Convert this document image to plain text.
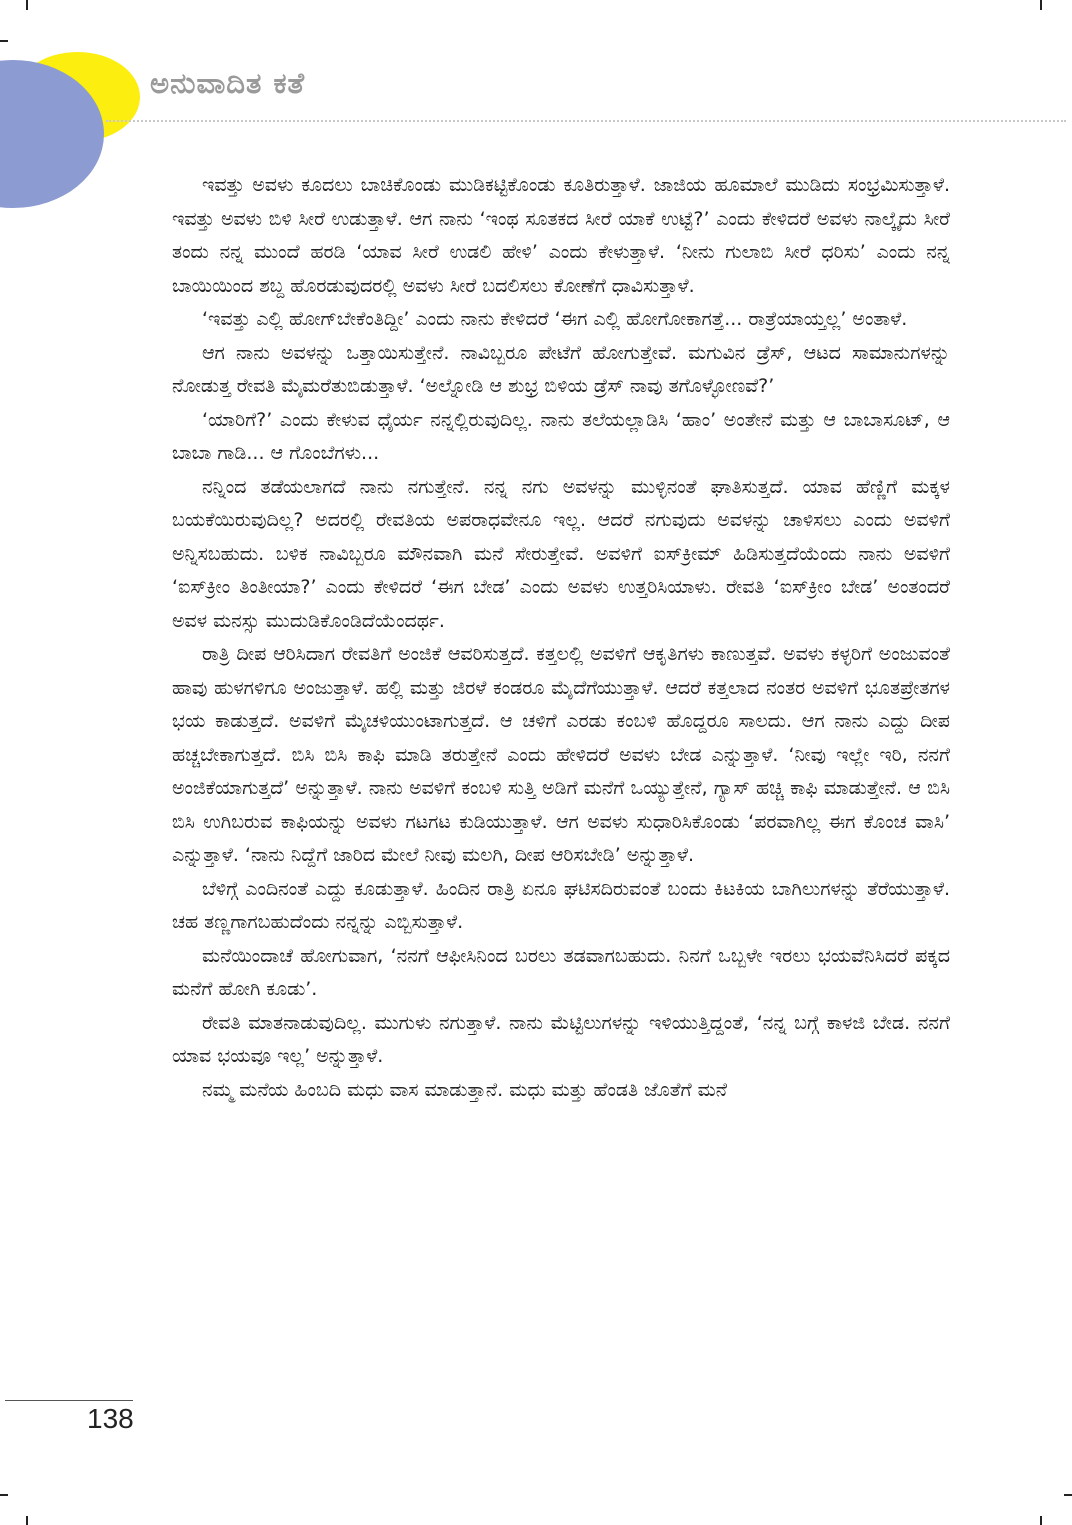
ಅನುವಾದಿತ ಕತೆ

ಇವತ್ತು ಅವಳು ಕೂದಲು ಬಾಚಿಕೊಂಡು ಮುಡಿಕಟ್ಟಿಕೊಂಡು ಕೂತಿರುತ್ತಾಳೆ. ಜಾಜಿಯ ಹೂಮಾಲೆ ಮುಡಿದು ಸಂಭ್ರಮಿಸುತ್ತಾಳೆ. ಇವತ್ತು ಅವಳು ಬಿಳಿ ಸೀರೆ ಉಡುತ್ತಾಳೆ. ಆಗ ನಾನು ‘ಇಂಥ ಸೂತಕದ ಸೀರೆ ಯಾಕೆ ಉಟ್ಟೆ?’ ಎಂದು ಕೇಳಿದರೆ ಅವಳು ನಾಲ್ಕೈದು ಸೀರೆ ತಂದು ನನ್ನ ಮುಂದೆ ಹರಡಿ ‘ಯಾವ ಸೀರೆ ಉಡಲಿ ಹೇಳಿ’ ಎಂದು ಕೇಳುತ್ತಾಳೆ. ‘ನೀನು ಗುಲಾಬಿ ಸೀರೆ ಧರಿಸು’ ಎಂದು ನನ್ನ ಬಾಯಿಯಿಂದ ಶಬ್ದ ಹೊರಡುವುದರಲ್ಲಿ ಅವಳು ಸೀರೆ ಬದಲಿಸಲು ಕೋಣೆಗೆ ಧಾವಿಸುತ್ತಾಳೆ.

‘ಇವತ್ತು ಎಲ್ಲಿ ಹೋಗ್‌ಬೇಕೆಂತಿದ್ದೀ’ ಎಂದು ನಾನು ಕೇಳಿದರೆ ‘ಈಗ ಎಲ್ಲಿ ಹೋಗೋಕಾಗತ್ತೆ... ರಾತ್ರೆಯಾಯ್ತಲ್ಲ’ ಅಂತಾಳೆ.

ಆಗ ನಾನು ಅವಳನ್ನು ಒತ್ತಾಯಿಸುತ್ತೇನೆ. ನಾವಿಬ್ಬರೂ ಪೇಟೆಗೆ ಹೋಗುತ್ತೇವೆ. ಮಗುವಿನ ಡ್ರೆಸ್, ಆಟದ ಸಾಮಾನುಗಳನ್ನು ನೋಡುತ್ತ ರೇವತಿ ಮೈಮರೆತುಬಿಡುತ್ತಾಳೆ. ‘ಅಲ್ನೋಡಿ ಆ ಶುಭ್ರ ಬಿಳಿಯ ಡ್ರೆಸ್ ನಾವು ತಗೊಳ್ಳೋಣವೆ?’

‘ಯಾರಿಗೆ?’ ಎಂದು ಕೇಳುವ ಧೈರ್ಯ ನನ್ನಲ್ಲಿರುವುದಿಲ್ಲ. ನಾನು ತಲೆಯಲ್ಲಾಡಿಸಿ ‘ಹಾಂ’ ಅಂತೇನೆ ಮತ್ತು ಆ ಬಾಬಾಸೂಟ್, ಆ ಬಾಬಾ ಗಾಡಿ... ಆ ಗೊಂಬೆಗಳು...

ನನ್ನಿಂದ ತಡೆಯಲಾಗದೆ ನಾನು ನಗುತ್ತೇನೆ. ನನ್ನ ನಗು ಅವಳನ್ನು ಮುಳ್ಳಿನಂತೆ ಘಾತಿಸುತ್ತದೆ. ಯಾವ ಹೆಣ್ಣಿಗೆ ಮಕ್ಕಳ ಬಯಕೆಯಿರುವುದಿಲ್ಲ? ಅದರಲ್ಲಿ ರೇವತಿಯ ಅಪರಾಧವೇನೂ ಇಲ್ಲ. ಆದರೆ ನಗುವುದು ಅವಳನ್ನು ಚಾಳಿಸಲು ಎಂದು ಅವಳಿಗೆ ಅನ್ನಿಸಬಹುದು. ಬಳಿಕ ನಾವಿಬ್ಬರೂ ಮೌನವಾಗಿ ಮನೆ ಸೇರುತ್ತೇವೆ. ಅವಳಿಗೆ ಐಸ್‌ಕ್ರೀಮ್ ಹಿಡಿಸುತ್ತದೆಯೆಂದು ನಾನು ಅವಳಿಗೆ ‘ಐಸ್‌ಕ್ರೀಂ ತಿಂತೀಯಾ?’ ಎಂದು ಕೇಳಿದರೆ ‘ಈಗ ಬೇಡ’ ಎಂದು ಅವಳು ಉತ್ತರಿಸಿಯಾಳು. ರೇವತಿ ‘ಐಸ್‌ಕ್ರೀಂ ಬೇಡ’ ಅಂತಂದರೆ ಅವಳ ಮನಸ್ಸು ಮುದುಡಿಕೊಂಡಿದೆಯೆಂದರ್ಥ.

ರಾತ್ರಿ ದೀಪ ಆರಿಸಿದಾಗ ರೇವತಿಗೆ ಅಂಜಿಕೆ ಆವರಿಸುತ್ತದೆ. ಕತ್ತಲಲ್ಲಿ ಅವಳಿಗೆ ಆಕೃತಿಗಳು ಕಾಣುತ್ತವೆ. ಅವಳು ಕಳ್ಳರಿಗೆ ಅಂಜುವಂತೆ ಹಾವು ಹುಳಗಳಿಗೂ ಅಂಜುತ್ತಾಳೆ. ಹಲ್ಲಿ ಮತ್ತು ಜಿರಳೆ ಕಂಡರೂ ಮೈದೆಗೆಯುತ್ತಾಳೆ. ಆದರೆ ಕತ್ತಲಾದ ನಂತರ ಅವಳಿಗೆ ಭೂತಪ್ರೇತಗಳ ಭಯ ಕಾಡುತ್ತದೆ. ಅವಳಿಗೆ ಮೈಚಳಿಯುಂಟಾಗುತ್ತದೆ. ಆ ಚಳಿಗೆ ಎರಡು ಕಂಬಳಿ ಹೊದ್ದರೂ ಸಾಲದು. ಆಗ ನಾನು ಎದ್ದು ದೀಪ ಹಚ್ಚಬೇಕಾಗುತ್ತದೆ. ಬಿಸಿ ಬಿಸಿ ಕಾಫಿ ಮಾಡಿ ತರುತ್ತೇನೆ ಎಂದು ಹೇಳಿದರೆ ಅವಳು ಬೇಡ ಎನ್ನುತ್ತಾಳೆ. ‘ನೀವು ಇಲ್ಲೇ ಇರಿ, ನನಗೆ ಅಂಜಿಕೆಯಾಗುತ್ತದೆ’ ಅನ್ನುತ್ತಾಳೆ. ನಾನು ಅವಳಿಗೆ ಕಂಬಳಿ ಸುತ್ತಿ ಅಡಿಗೆ ಮನೆಗೆ ಒಯ್ಯುತ್ತೇನೆ, ಗ್ಯಾಸ್ ಹಚ್ಚಿ ಕಾಫಿ ಮಾಡುತ್ತೇನೆ. ಆ ಬಿಸಿ ಬಿಸಿ ಉಗಿಬರುವ ಕಾಫಿಯನ್ನು ಅವಳು ಗಟಗಟ ಕುಡಿಯುತ್ತಾಳೆ. ಆಗ ಅವಳು ಸುಧಾರಿಸಿಕೊಂಡು ‘ಪರವಾಗಿಲ್ಲ ಈಗ ಕೊಂಚ ವಾಸಿ’ ಎನ್ನುತ್ತಾಳೆ. ‘ನಾನು ನಿದ್ದೆಗೆ ಜಾರಿದ ಮೇಲೆ ನೀವು ಮಲಗಿ, ದೀಪ ಆರಿಸಬೇಡಿ’ ಅನ್ನುತ್ತಾಳೆ.

ಬೆಳಿಗ್ಗೆ ಎಂದಿನಂತೆ ಎದ್ದು ಕೂಡುತ್ತಾಳೆ. ಹಿಂದಿನ ರಾತ್ರಿ ಏನೂ ಘಟಿಸದಿರುವಂತೆ ಬಂದು ಕಿಟಕಿಯ ಬಾಗಿಲುಗಳನ್ನು ತೆರೆಯುತ್ತಾಳೆ. ಚಹ ತಣ್ಣಗಾಗಬಹುದೆಂದು ನನ್ನನ್ನು ಎಬ್ಬಿಸುತ್ತಾಳೆ.

ಮನೆಯಿಂದಾಚೆ ಹೋಗುವಾಗ, ‘ನನಗೆ ಆಫೀಸಿನಿಂದ ಬರಲು ತಡವಾಗಬಹುದು. ನಿನಗೆ ಒಬ್ಬಳೇ ಇರಲು ಭಯವೆನಿಸಿದರೆ ಪಕ್ಕದ ಮನೆಗೆ ಹೋಗಿ ಕೂಡು’.

ರೇವತಿ ಮಾತನಾಡುವುದಿಲ್ಲ. ಮುಗುಳು ನಗುತ್ತಾಳೆ. ನಾನು ಮೆಟ್ಟಿಲುಗಳನ್ನು ಇಳಿಯುತ್ತಿದ್ದಂತೆ, ‘ನನ್ನ ಬಗ್ಗೆ ಕಾಳಜಿ ಬೇಡ. ನನಗೆ ಯಾವ ಭಯವೂ ಇಲ್ಲ’ ಅನ್ನುತ್ತಾಳೆ.

ನಮ್ಮ ಮನೆಯ ಹಿಂಬದಿ ಮಧು ವಾಸ ಮಾಡುತ್ತಾನೆ. ಮಧು ಮತ್ತು ಹೆಂಡತಿ ಜೊತೆಗೆ ಮನೆ

138
